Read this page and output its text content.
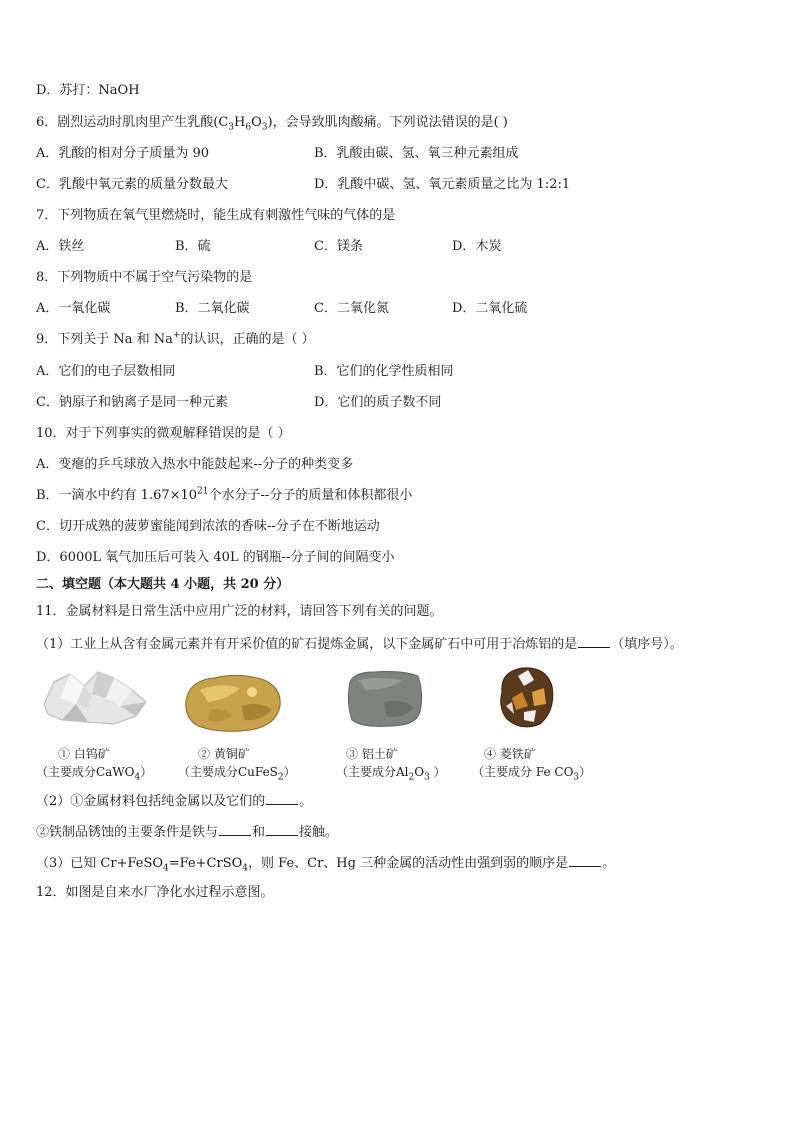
D．苏打：NaOH
6．剧烈运动时肌肉里产生乳酸$(C_3H_6O_3)$，会导致肌肉酸痛。下列说法错误的是( )
A．乳酸的相对分子质量为 90	B．乳酸由碳、氢、氧三种元素组成
C．乳酸中氧元素的质量分数最大	D．乳酸中碳、氢、氧元素质量之比为 1:2:1
7．下列物质在氧气里燃烧时，能生成有刺激性气味的气体的是
A．铁丝	B．硫	C．镁条	D．木炭
8．下列物质中不属于空气污染物的是
A．一氧化碳	B．二氧化碳	C．二氧化氮	D．二氧化硫
9．下列关于 Na 和 Na+的认识，正确的是（ ）
A．它们的电子层数相同	B．它们的化学性质相同
C．钠原子和钠离子是同一种元素	D．它们的质子数不同
10．对于下列事实的微观解释错误的是（ ）
A．变瘪的乒乓球放入热水中能鼓起来--分子的种类变多
B．一滴水中约有 $1.67\times 10^{21}$个水分子--分子的质量和体积都很小
C．切开成熟的菠萝蜜能闻到浓浓的香味--分子在不断地运动
D．6000L 氧气加压后可装入 40L 的钢瓶--分子间的间隔变小
二、填空题（本大题共 4 小题，共 20 分）
11．金属材料是日常生活中应用广泛的材料，请回答下列有关的问题。
（1）工业上从含有金属元素并有开采价值的矿石提炼金属，以下金属矿石中可用于冶炼铝的是	（填序号）。
① 白钨矿
（主要成分CaWO$_4$）
② 黄铜矿
（主要成分CuFeS$_2$）
③ 铝土矿
（主要成分$Al_2O_3$ ）
④ 菱铁矿
（主要成分 Fe $CO_3$）
（2）①金属材料包括纯金属以及它们的	。
②铁制品锈蚀的主要条件是铁与	和	接触。
（3）已知 Cr+FeSO$_4$=Fe+CrSO$_4$，则 Fe、Cr、Hg 三种金属的活动性由强到弱的顺序是	。
12．如图是自来水厂净化水过程示意图。
